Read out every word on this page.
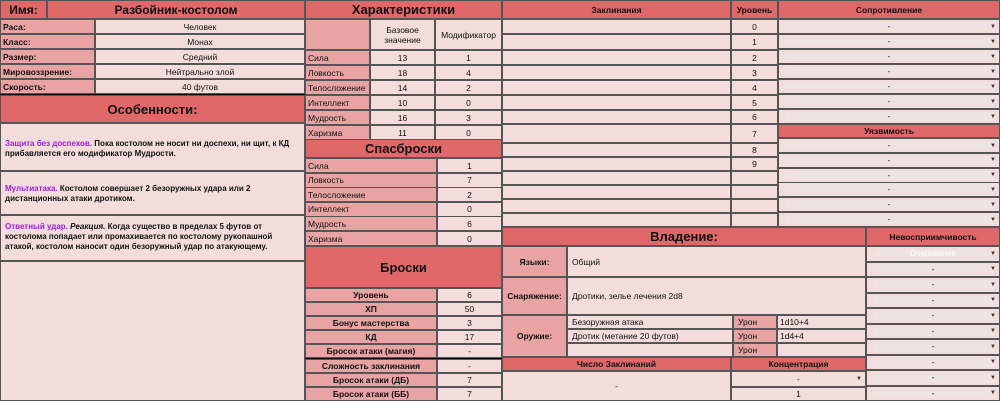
Имя:	Разбойник-костолом
Раса:	Человек
Класс:	Монах
Размер:	Средний
Мировоззрение:	Нейтрально злой
Скорость:	40 футов
Особенности:
Защита без доспехов. Пока костолом не носит ни доспехи, ни щит, к КД прибавляется его модификатор Мудрости.
Мультиатака. Костолом совершает 2 безоружных удара или 2 дистанционных атаки дротиком.
Ответный удар. Реакция. Когда существо в пределах 5 футов от костолома попадает или промахивается по костолому рукопашной атакой, костолом наносит один безоружный удар по атакующему.
Характеристики
Базовое значение	Модификатор
Сила	13	1
Ловкость	18	4
Телосложение	14	2
Интеллект	10	0
Мудрость	16	3
Харизма	11	0
Спасброски
Сила	1
Ловкость	7
Телосложение	2
Интеллект	0
Мудрость	6
Харизма	0
Броски
Уровень	6
ХП	50
Бонус мастерства	3
КД	17
Бросок атаки (магия)	-
Сложность заклинания	-
Бросок атаки (ДБ)	7
Бросок атаки (ББ)	7
Заклинания	Уровень
0
1
2
3
4
5
6
7
8
9
Сопротивление
-	▼
-	▼
-	▼
-	▼
-	▼
-	▼
-	▼
Уязвимость
-	▼
-	▼
-	▼
-	▼
-	▼
-	▼
Владение:
Языки:	Общий
Снаряжение:	Дротики, зелье лечения 2d8
Оружие:
Безоружная атака	Урон	1d10+4
Дротик (метание 20 футов)	Урон	1d4+4
Урон
Число Заклинаний
-
Концентрация
-	▼
1
Невосприимчивость
Очарование	▼
-	▼
-	▼
-	▼
-	▼
-	▼
-	▼
-	▼
-	▼
-	▼
